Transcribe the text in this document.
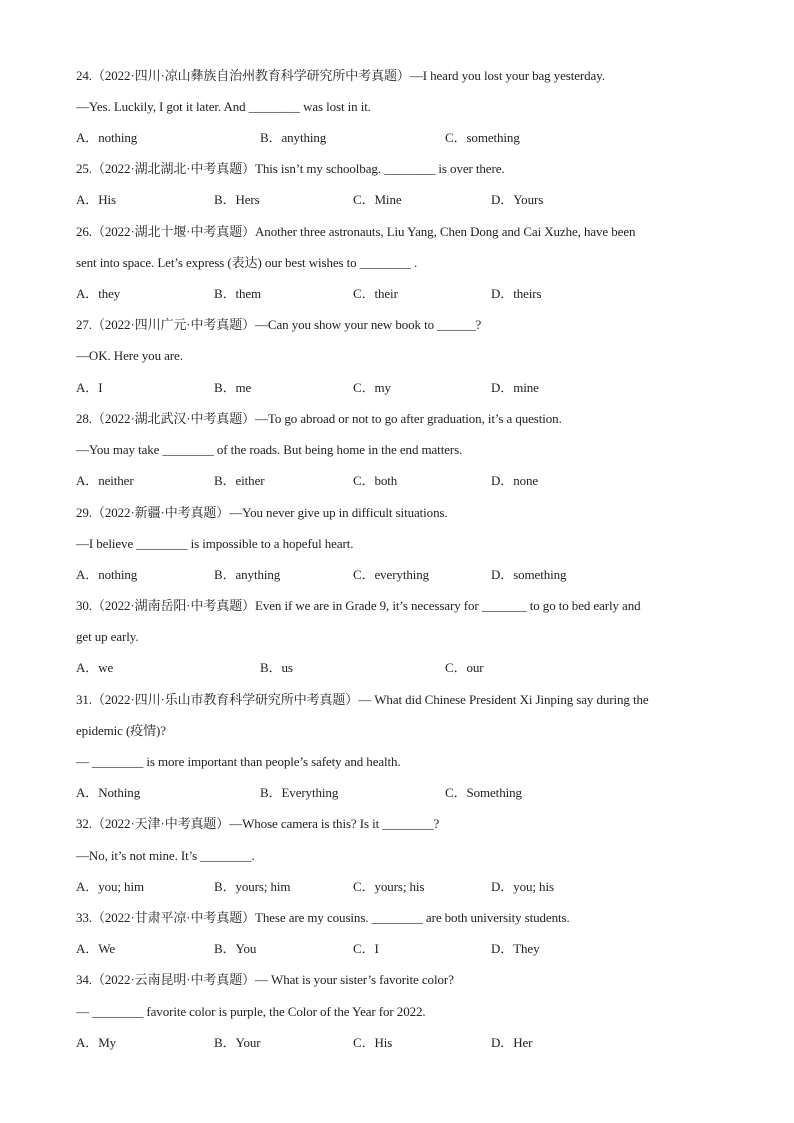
24.（2022·四川·凉山彝族自治州教育科学研究所中考真题）—I heard you lost your bag yesterday.
—Yes. Luckily, I got it later. And ________ was lost in it.
A．nothing	B．anything	C．something
25.（2022·湖北湖北·中考真题）This isn’t my schoolbag. ________ is over there.
A．His	B．Hers	C．Mine	D．Yours
26.（2022·湖北十堰·中考真题）Another three astronauts, Liu Yang, Chen Dong and Cai Xuzhe, have been
sent into space. Let’s express (表达) our best wishes to ________ .
A．they	B．them	C．their	D．theirs
27.（2022·四川广元·中考真题）—Can you show your new book to ______?
—OK. Here you are.
A．I	B．me	C．my	D．mine
28.（2022·湖北武汉·中考真题）—To go abroad or not to go after graduation, it’s a question.
—You may take ________ of the roads. But being home in the end matters.
A．neither	B．either	C．both	D．none
29.（2022·新疆·中考真题）—You never give up in difficult situations.
—I believe ________ is impossible to a hopeful heart.
A．nothing	B．anything	C．everything	D．something
30.（2022·湖南岳阳·中考真题）Even if we are in Grade 9, it’s necessary for _______ to go to bed early and
get up early.
A．we	B．us	C．our
31.（2022·四川·乐山市教育科学研究所中考真题）— What did Chinese President Xi Jinping say during the
epidemic (疫情)?
— ________ is more important than people’s safety and health.
A．Nothing	B．Everything	C．Something
32.（2022·天津·中考真题）—Whose camera is this? Is it ________?
—No, it’s not mine. It’s ________.
A．you; him	B．yours; him	C．yours; his	D．you; his
33.（2022·甘肃平凉·中考真题）These are my cousins. ________ are both university students.
A．We	B．You	C．I	D．They
34.（2022·云南昆明·中考真题）— What is your sister’s favorite color?
— ________ favorite color is purple, the Color of the Year for 2022.
A．My	B．Your	C．His	D．Her
